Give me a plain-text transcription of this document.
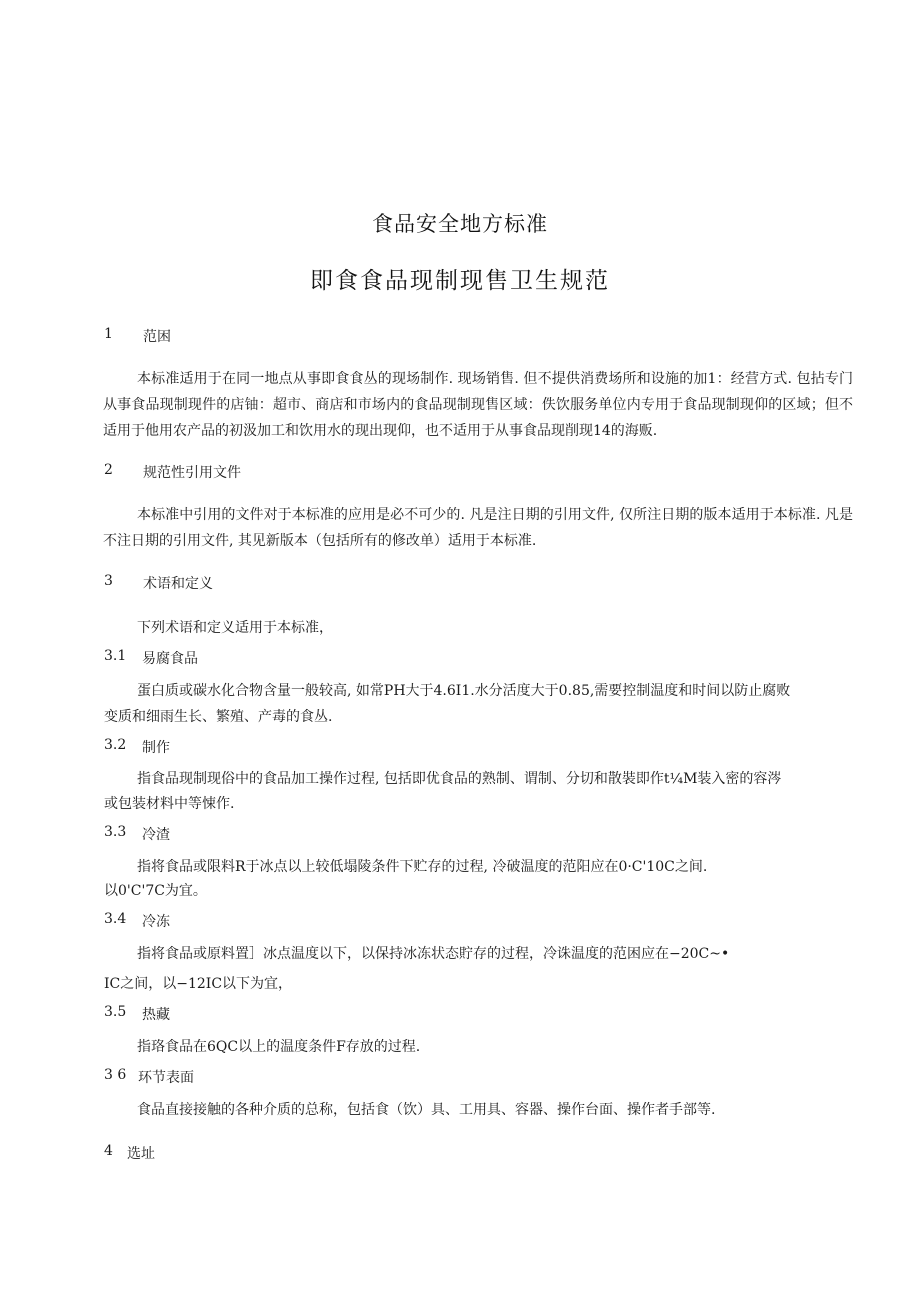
食品安全地方标准
即食食品现制现售卫生规范
1 范困
本标准适用于在同一地点从事即食食丛的现场制作. 现场销售. 但不提供消费场所和设施的加1：经营方式. 包拈专门从事食品现制现件的店铀：超市、商店和市场内的食品现制现售区域：佚饮服务单位内专用于食品现制现仰的区域；但不适用于他用农产品的初汲加工和饮用水的现出现仰，也不适用于从事食品现削现14的海贩.
2 规范性引用文件
本标准中引用的文件对于本标准的应用是必不可少的. 凡是注日期的引用文件, 仅所注日期的版本适用于本标准. 凡是不注日期的引用文件, 其见新版本（包括所有的修改单）适用于本标准.
3 术语和定义
下列术语和定义适用于本标准，
3.1 易腐食品
蛋白质或碳水化合物含量一般较高, 如常PH大于4.6I1.水分活度大于0.85,需要控制温度和时间以防止腐败
变质和细雨生长、繁殖、产毒的食丛.
3.2 制作
指食品现制现俗中的食品加工操作过程, 包括即优食品的熟制、谓制、分切和散裝即作t¼M装入密的容涔
或包装材料中等悚作.
3.3 冷渣
指将食品或限料R于冰点以上较低塌陵条件下贮存的过程, 冷破温度的范阳应在0·C'10C之间.
以0'C'7C为宜。
3.4 冷冻
指将食品或原料置］冰点温度以下，以保持冰冻状态貯存的过程，冷诛温度的范困应在−20C~•
IC之间，以−12IC以下为宜，
3.5 热藏
指珞食品在6QC以上的温度条件F存放的过程.
3 6 环节表面
食品直接接触的各种介质的总称，包括食（饮）具、工用具、容器、操作台面、操作者手部等.
4 选址
